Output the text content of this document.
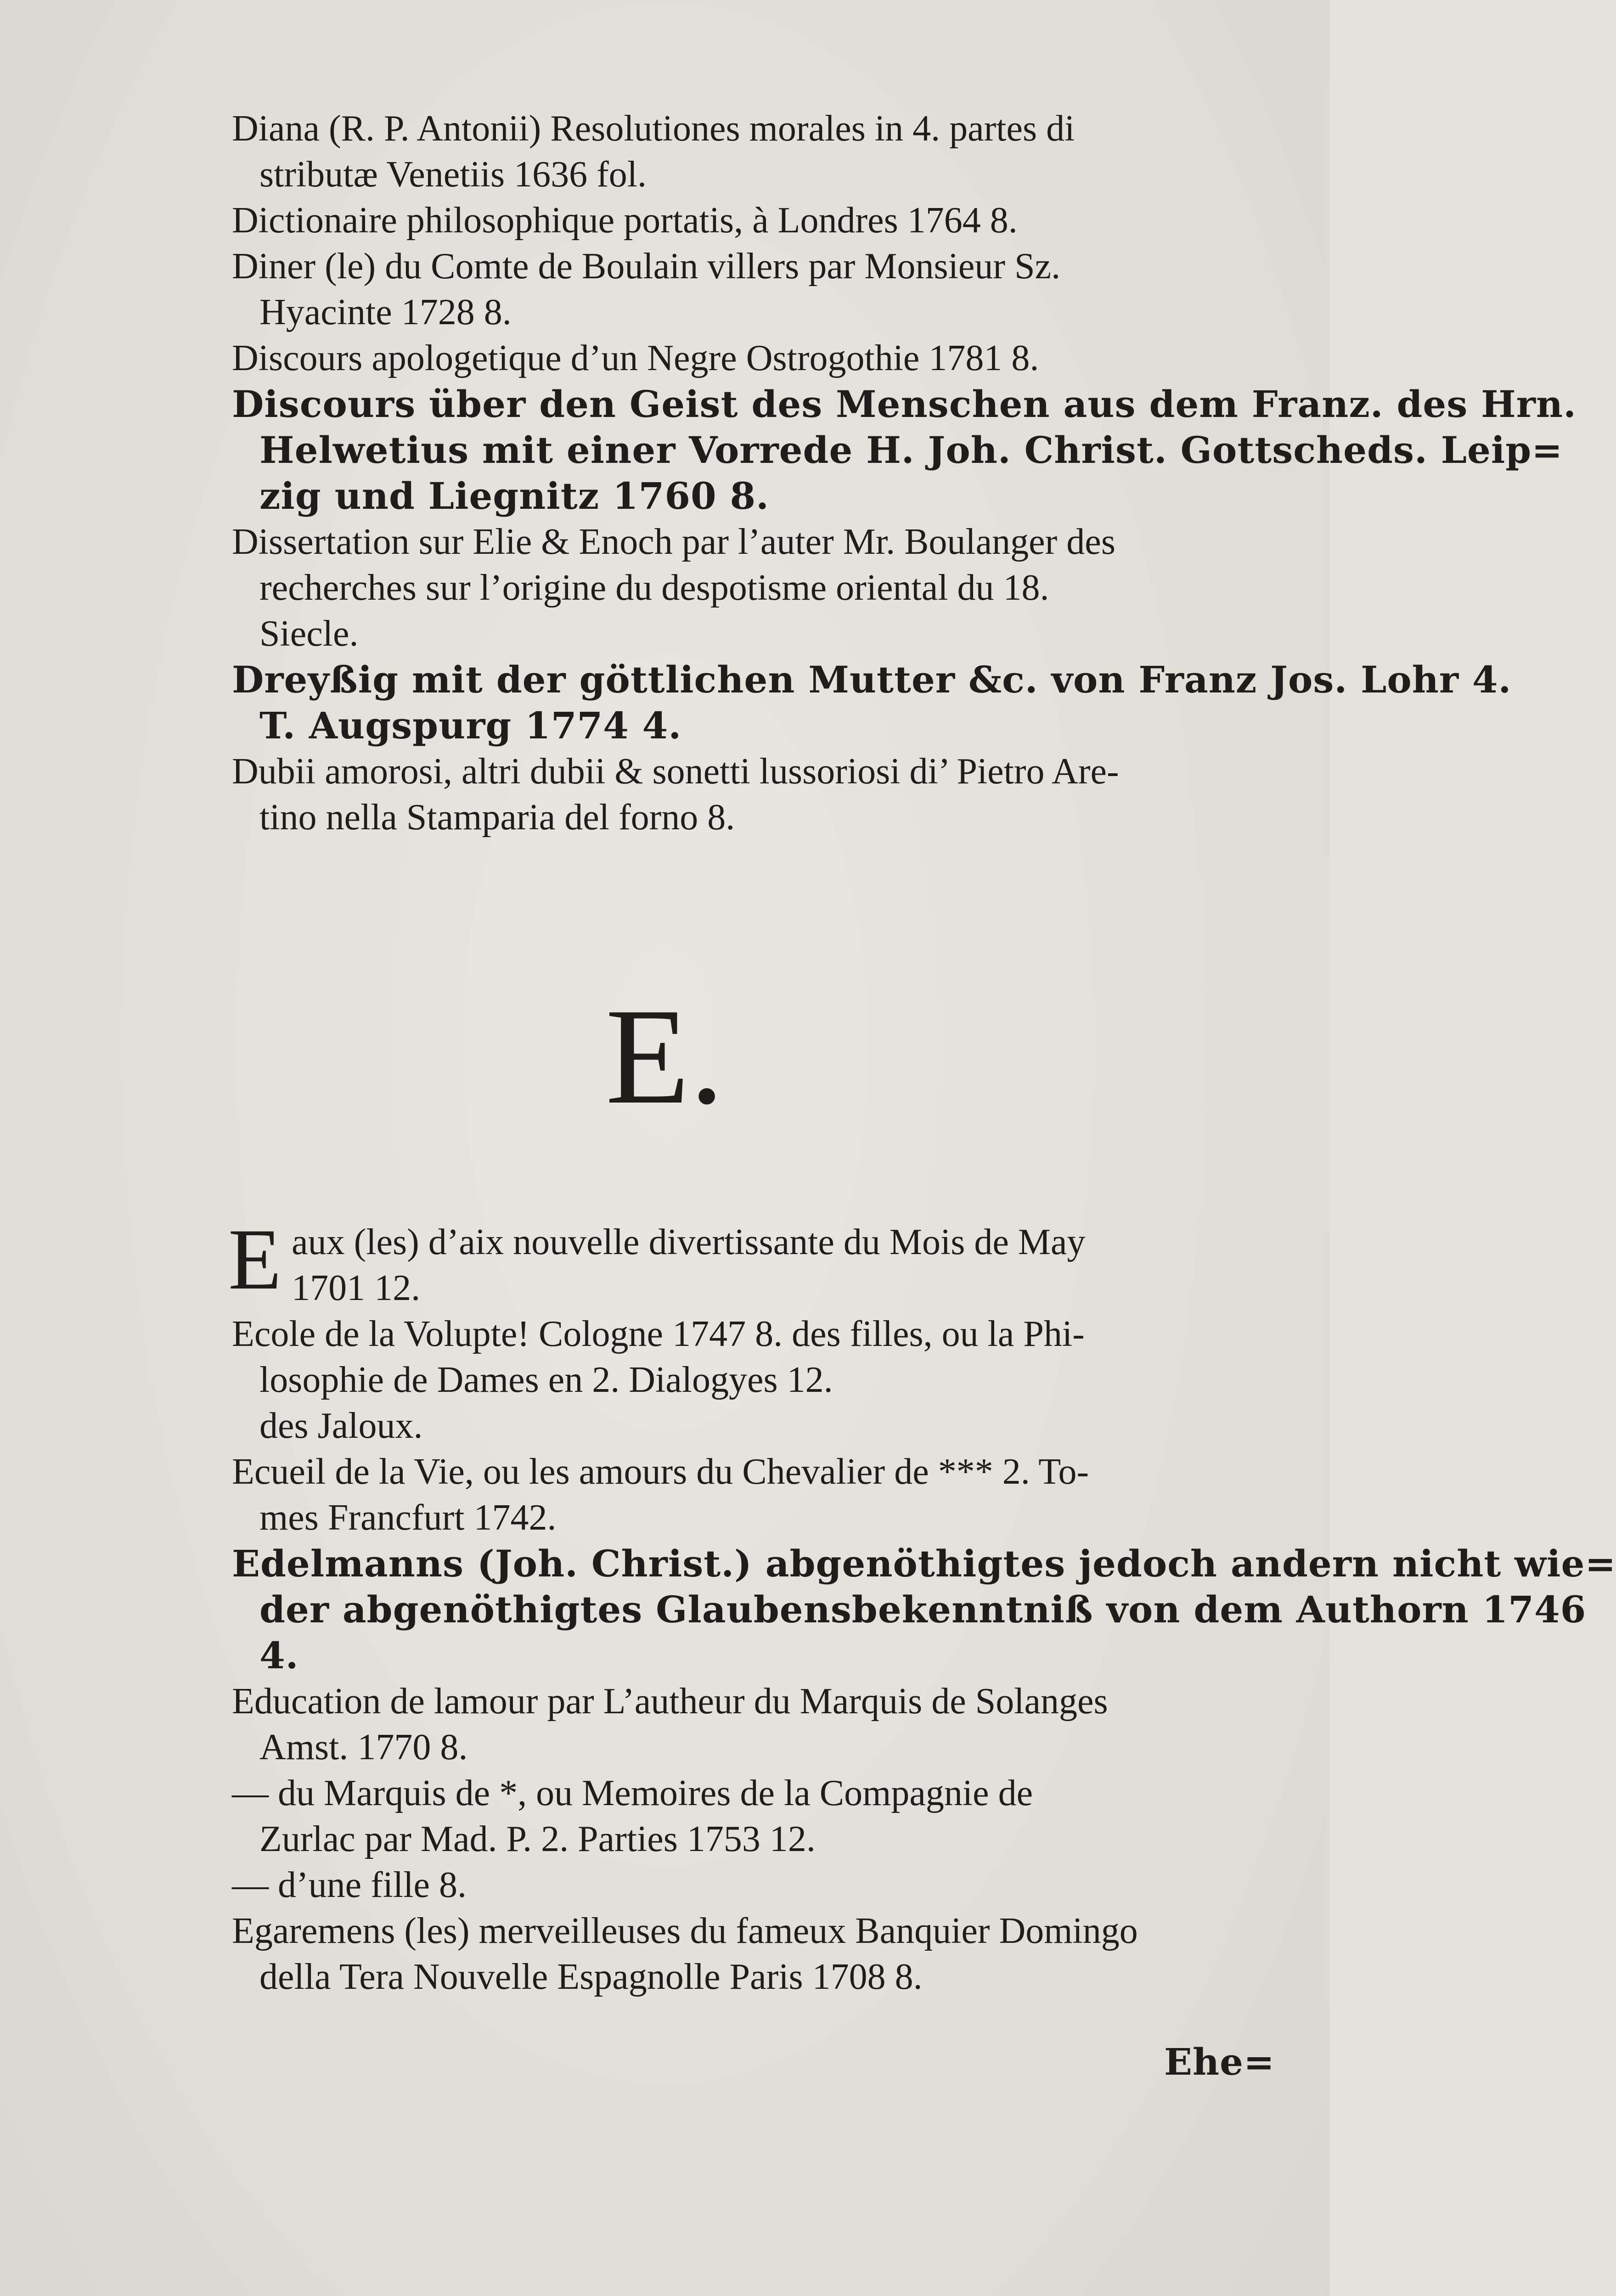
Diana (R. P. Antonii) Resolutiones morales in 4. partes di
stributæ Venetiis 1636 fol.

Dictionaire philosophique portatis, à Londres 1764 8.

Diner (le) du Comte de Boulain villers par Monsieur Sz.
Hyacinte 1728 8.

Discours apologetique d’un Negre Ostrogothie 1781 8.

Discours über den Geist des Menschen aus dem Franz. des Hrn.
Helwetius mit einer Vorrede H. Joh. Christ. Gottscheds. Leip=
zig und Liegnitz 1760 8.

Dissertation sur Elie & Enoch par l’auter Mr. Boulanger des
recherches sur l’origine du despotisme oriental du 18.
Siecle.

Dreyßig mit der göttlichen Mutter &c. von Franz Jos. Lohr 4.
T. Augspurg 1774 4.

Dubii amorosi, altri dubii & sonetti lussoriosi di’ Pietro Are-
tino nella Stamparia del forno 8.

E.

E aux (les) d’aix nouvelle divertissante du Mois de May
1701 12.

Ecole de la Volupte! Cologne 1747 8. des filles, ou la Phi-
losophie de Dames en 2. Dialogyes 12.

des Jaloux.

Ecueil de la Vie, ou les amours du Chevalier de *** 2. To-
mes Francfurt 1742.

Edelmanns (Joh. Christ.) abgenöthigtes jedoch andern nicht wie=
der abgenöthigtes Glaubensbekenntniß von dem Authorn 1746
4.

Education de lamour par L’autheur du Marquis de Solanges
Amst. 1770 8.

— du Marquis de *, ou Memoires de la Compagnie de
Zurlac par Mad. P. 2. Parties 1753 12.

— d’une fille 8.

Egaremens (les) merveilleuses du fameux Banquier Domingo
della Tera Nouvelle Espagnolle Paris 1708 8.

Ehe=
